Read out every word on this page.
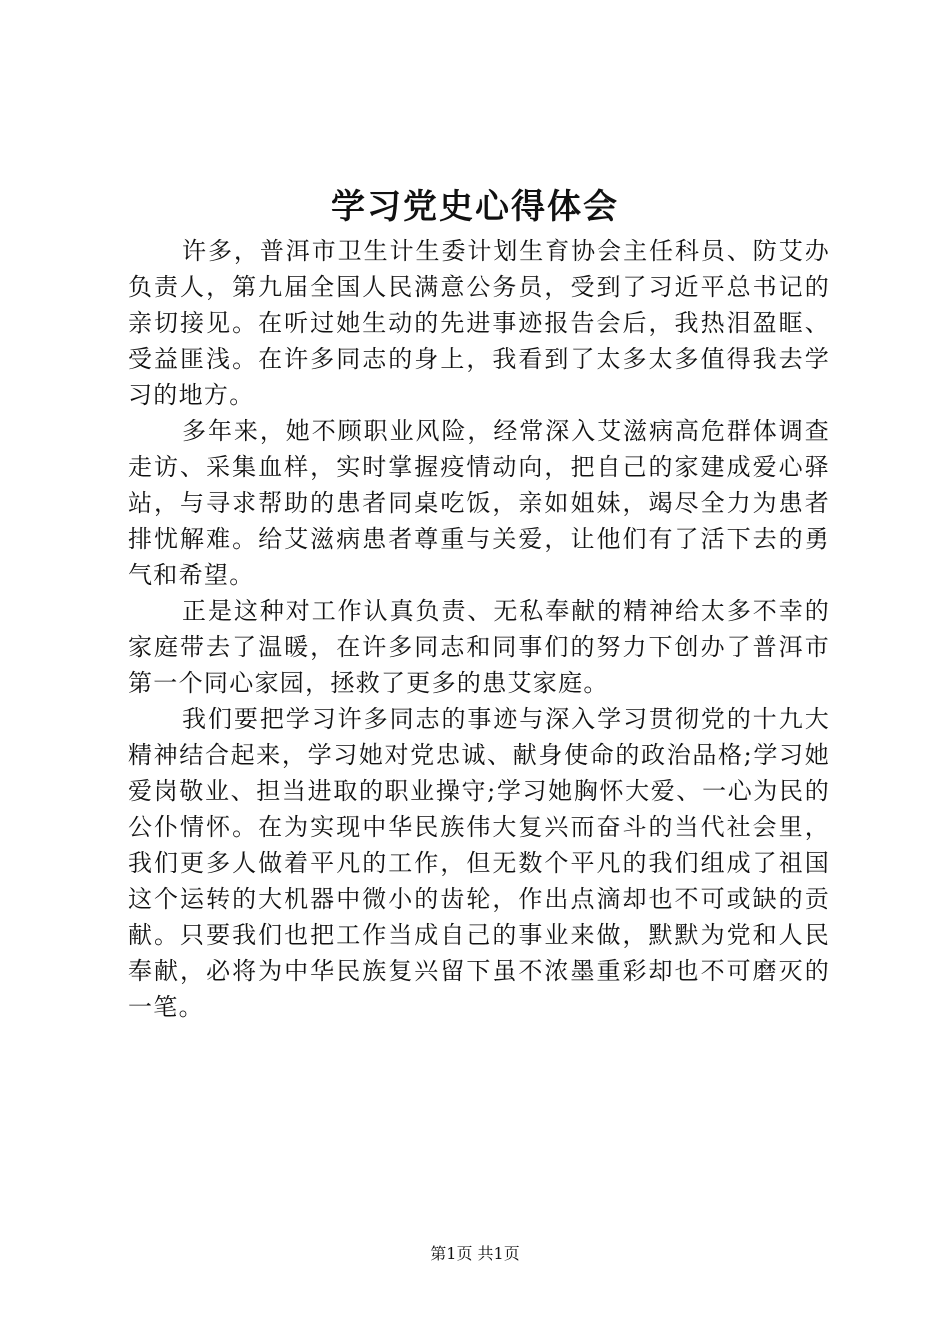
学习党史心得体会

许多，普洱市卫生计生委计划生育协会主任科员、防艾办负责人，第九届全国人民满意公务员，受到了习近平总书记的亲切接见。在听过她生动的先进事迹报告会后，我热泪盈眶、受益匪浅。在许多同志的身上，我看到了太多太多值得我去学习的地方。

多年来，她不顾职业风险，经常深入艾滋病高危群体调查走访、采集血样，实时掌握疫情动向，把自己的家建成爱心驿站，与寻求帮助的患者同桌吃饭，亲如姐妹，竭尽全力为患者排忧解难。给艾滋病患者尊重与关爱，让他们有了活下去的勇气和希望。

正是这种对工作认真负责、无私奉献的精神给太多不幸的家庭带去了温暖，在许多同志和同事们的努力下创办了普洱市第一个同心家园，拯救了更多的患艾家庭。

我们要把学习许多同志的事迹与深入学习贯彻党的十九大精神结合起来，学习她对党忠诚、献身使命的政治品格;学习她爱岗敬业、担当进取的职业操守;学习她胸怀大爱、一心为民的公仆情怀。在为实现中华民族伟大复兴而奋斗的当代社会里，我们更多人做着平凡的工作，但无数个平凡的我们组成了祖国这个运转的大机器中微小的齿轮，作出点滴却也不可或缺的贡献。只要我们也把工作当成自己的事业来做，默默为党和人民奉献，必将为中华民族复兴留下虽不浓墨重彩却也不可磨灭的一笔。

第1页 共1页
